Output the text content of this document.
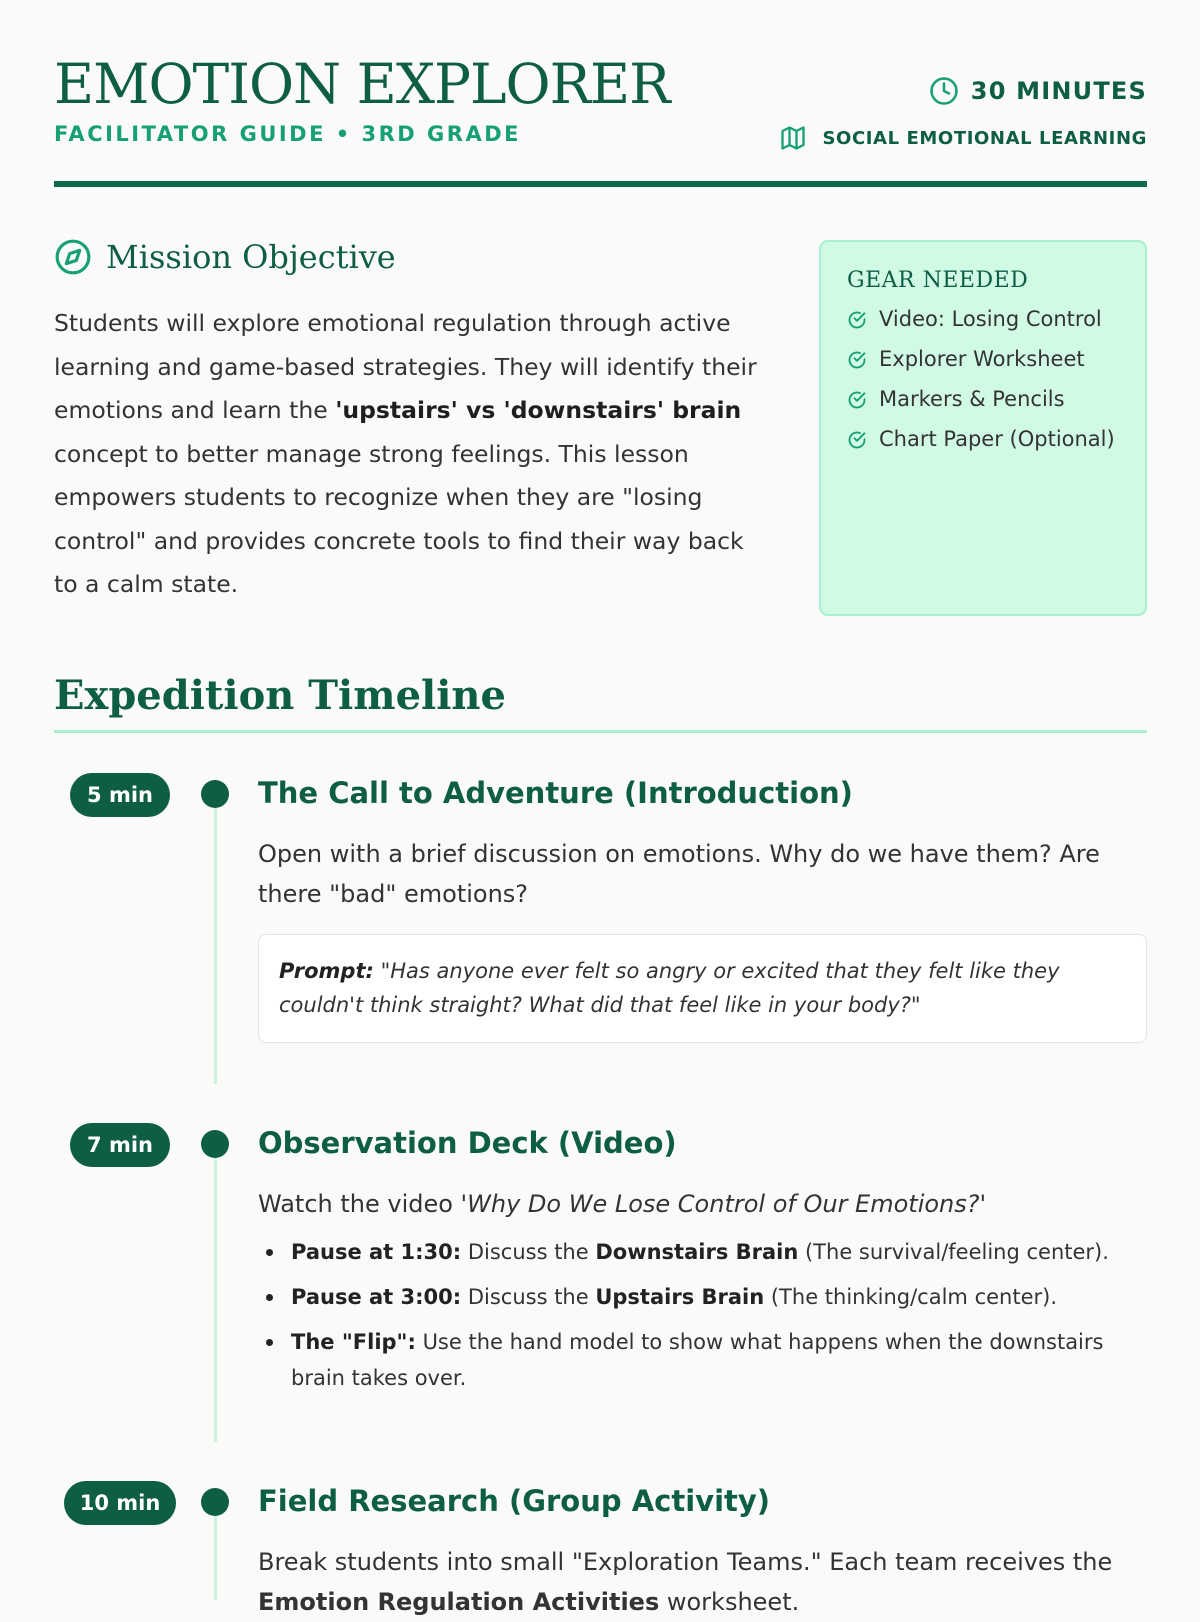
EMOTION EXPLORER
FACILITATOR GUIDE • 3RD GRADE
30 MINUTES
SOCIAL EMOTIONAL LEARNING
Mission Objective

Students will explore emotional regulation through active learning and game-based strategies. They will identify their emotions and learn the 'upstairs' vs 'downstairs' brain concept to better manage strong feelings. This lesson empowers students to recognize when they are "losing control" and provides concrete tools to find their way back to a calm state.

GEAR NEEDED
Video: Losing Control
Explorer Worksheet
Markers & Pencils
Chart Paper (Optional)
Expedition Timeline
5 min	The Call to Adventure (Introduction)

Open with a brief discussion on emotions. Why do we have them? Are there "bad" emotions?

Prompt: "Has anyone ever felt so angry or excited that they felt like they couldn't think straight? What did that feel like in your body?"
7 min	Observation Deck (Video)

Watch the video 'Why Do We Lose Control of Our Emotions?'

Pause at 1:30: Discuss the Downstairs Brain (The survival/feeling center).
Pause at 3:00: Discuss the Upstairs Brain (The thinking/calm center).
The "Flip": Use the hand model to show what happens when the downstairs brain takes over.
10 min	Field Research (Group Activity)

Break students into small "Exploration Teams." Each team receives the Emotion Regulation Activities worksheet.
